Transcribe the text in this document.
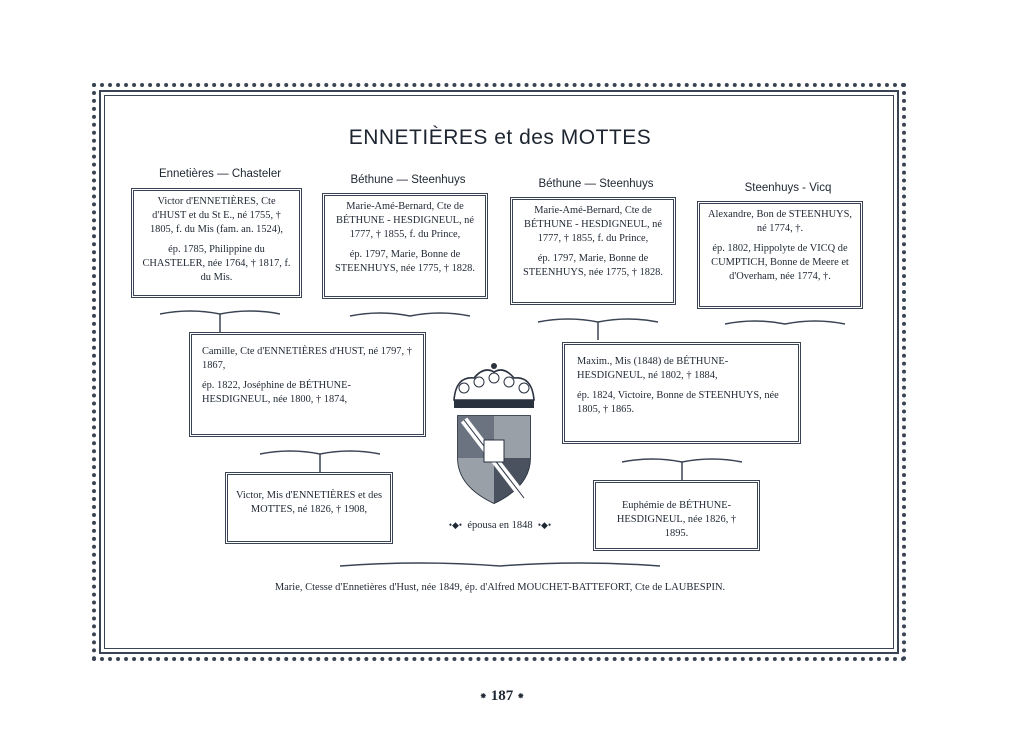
ENNETIÈRES et des MOTTES
Ennetières — Chasteler	Béthune — Steenhuys	Béthune — Steenhuys	Steenhuys - Vicq

Victor d'ENNETIÈRES, Cte d'HUST et du St E., né 1755, † 1805, f. du Mis (fam. an. 1524),

ép. 1785, Philippine du CHASTELER, née 1764, † 1817, f. du Mis.

Marie-Amé-Bernard, Cte de BÉTHUNE - HESDIGNEUL, né 1777, † 1855, f. du Prince,

ép. 1797, Marie, Bonne de STEENHUYS, née 1775, † 1828.

Marie-Amé-Bernard, Cte de BÉTHUNE - HESDIGNEUL, né 1777, † 1855, f. du Prince,

ép. 1797, Marie, Bonne de STEENHUYS, née 1775, † 1828.

Alexandre, Bon de STEENHUYS, né 1774, †.

ép. 1802, Hippolyte de VICQ de CUMPTICH, Bonne de Meere et d'Overham, née 1774, †.

Camille, Cte d'ENNETIÈRES d'HUST, né 1797, † 1867,

ép. 1822, Joséphine de BÉTHUNE-HESDIGNEUL, née 1800, † 1874,

Maxim., Mis (1848) de BÉTHUNE-HESDIGNEUL, né 1802, † 1884,

ép. 1824, Victoire, Bonne de STEENHUYS, née 1805, † 1865.

Victor, Mis d'ENNETIÈRES et des MOTTES, né 1826, † 1908,	Euphémie de BÉTHUNE-HESDIGNEUL, née 1826, † 1895.

•◆• épousa en 1848 •◆•
Marie, Ctesse d'Ennetières d'Hust, née 1849, ép. d'Alfred MOUCHET-BATTEFORT, Cte de LAUBESPIN.
⁕ 187 ⁕
